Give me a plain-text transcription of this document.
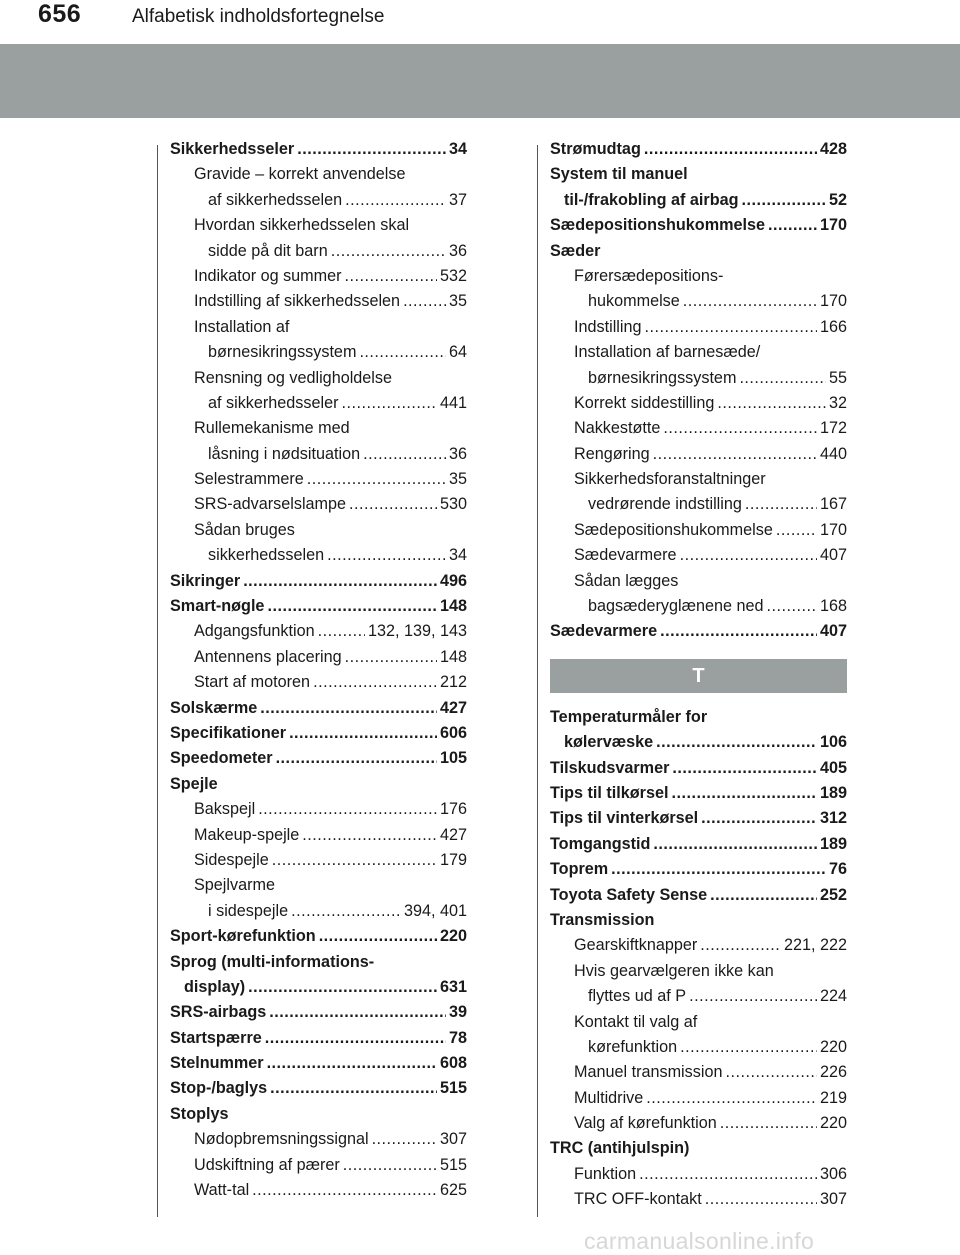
656	Alfabetisk indholdsfortegnelse
Sikkerhedsseler .....	34
Gravide – korrekt anvendelse
af sikkerhedsselen .....	37
Hvordan sikkerhedsselen skal
sidde på dit barn .....	36
Indikator og summer .....	532
Indstilling af sikkerhedsselen .....	35
Installation af
børnesikringssystem .....	64
Rensning og vedligholdelse
af sikkerhedsseler .....	441
Rullemekanisme med
låsning i nødsituation .....	36
Selestrammere .....	35
SRS-advarselslampe .....	530
Sådan bruges
sikkerhedsselen .....	34
Sikringer .....	496
Smart-nøgle .....	148
Adgangsfunktion .....	132, 139, 143
Antennens placering .....	148
Start af motoren .....	212
Solskærme .....	427
Specifikationer .....	606
Speedometer .....	105
Spejle
Bakspejl .....	176
Makeup-spejle .....	427
Sidespejle .....	179
Spejlvarme
i sidespejle .....	394, 401
Sport-kørefunktion .....	220
Sprog (multi-informations-
display) .....	631
SRS-airbags .....	39
Startspærre .....	78
Stelnummer .....	608
Stop-/baglys .....	515
Stoplys
Nødopbremsningssignal .....	307
Udskiftning af pærer .....	515
Watt-tal .....	625
Strømudtag .....	428
System til manuel
til-/frakobling af airbag .....	52
Sædepositionshukommelse .....	170
Sæder
Førersædepositions-
hukommelse .....	170
Indstilling .....	166
Installation af barnesæde/
børnesikringssystem .....	55
Korrekt siddestilling .....	32
Nakkestøtte .....	172
Rengøring .....	440
Sikkerhedsforanstaltninger
vedrørende indstilling .....	167
Sædepositionshukommelse .....	170
Sædevarmere .....	407
Sådan lægges
bagsæderyglænene ned .....	168
Sædevarmere .....	407
T
Temperaturmåler for
kølervæske .....	106
Tilskudsvarmer .....	405
Tips til tilkørsel .....	189
Tips til vinterkørsel .....	312
Tomgangstid .....	189
Toprem .....	76
Toyota Safety Sense .....	252
Transmission
Gearskiftknapper .....	221, 222
Hvis gearvælgeren ikke kan
flyttes ud af P .....	224
Kontakt til valg af
kørefunktion .....	220
Manuel transmission .....	226
Multidrive .....	219
Valg af kørefunktion .....	220
TRC (antihjulspin)
Funktion .....	306
TRC OFF-kontakt .....	307
carmanualsonline.info
